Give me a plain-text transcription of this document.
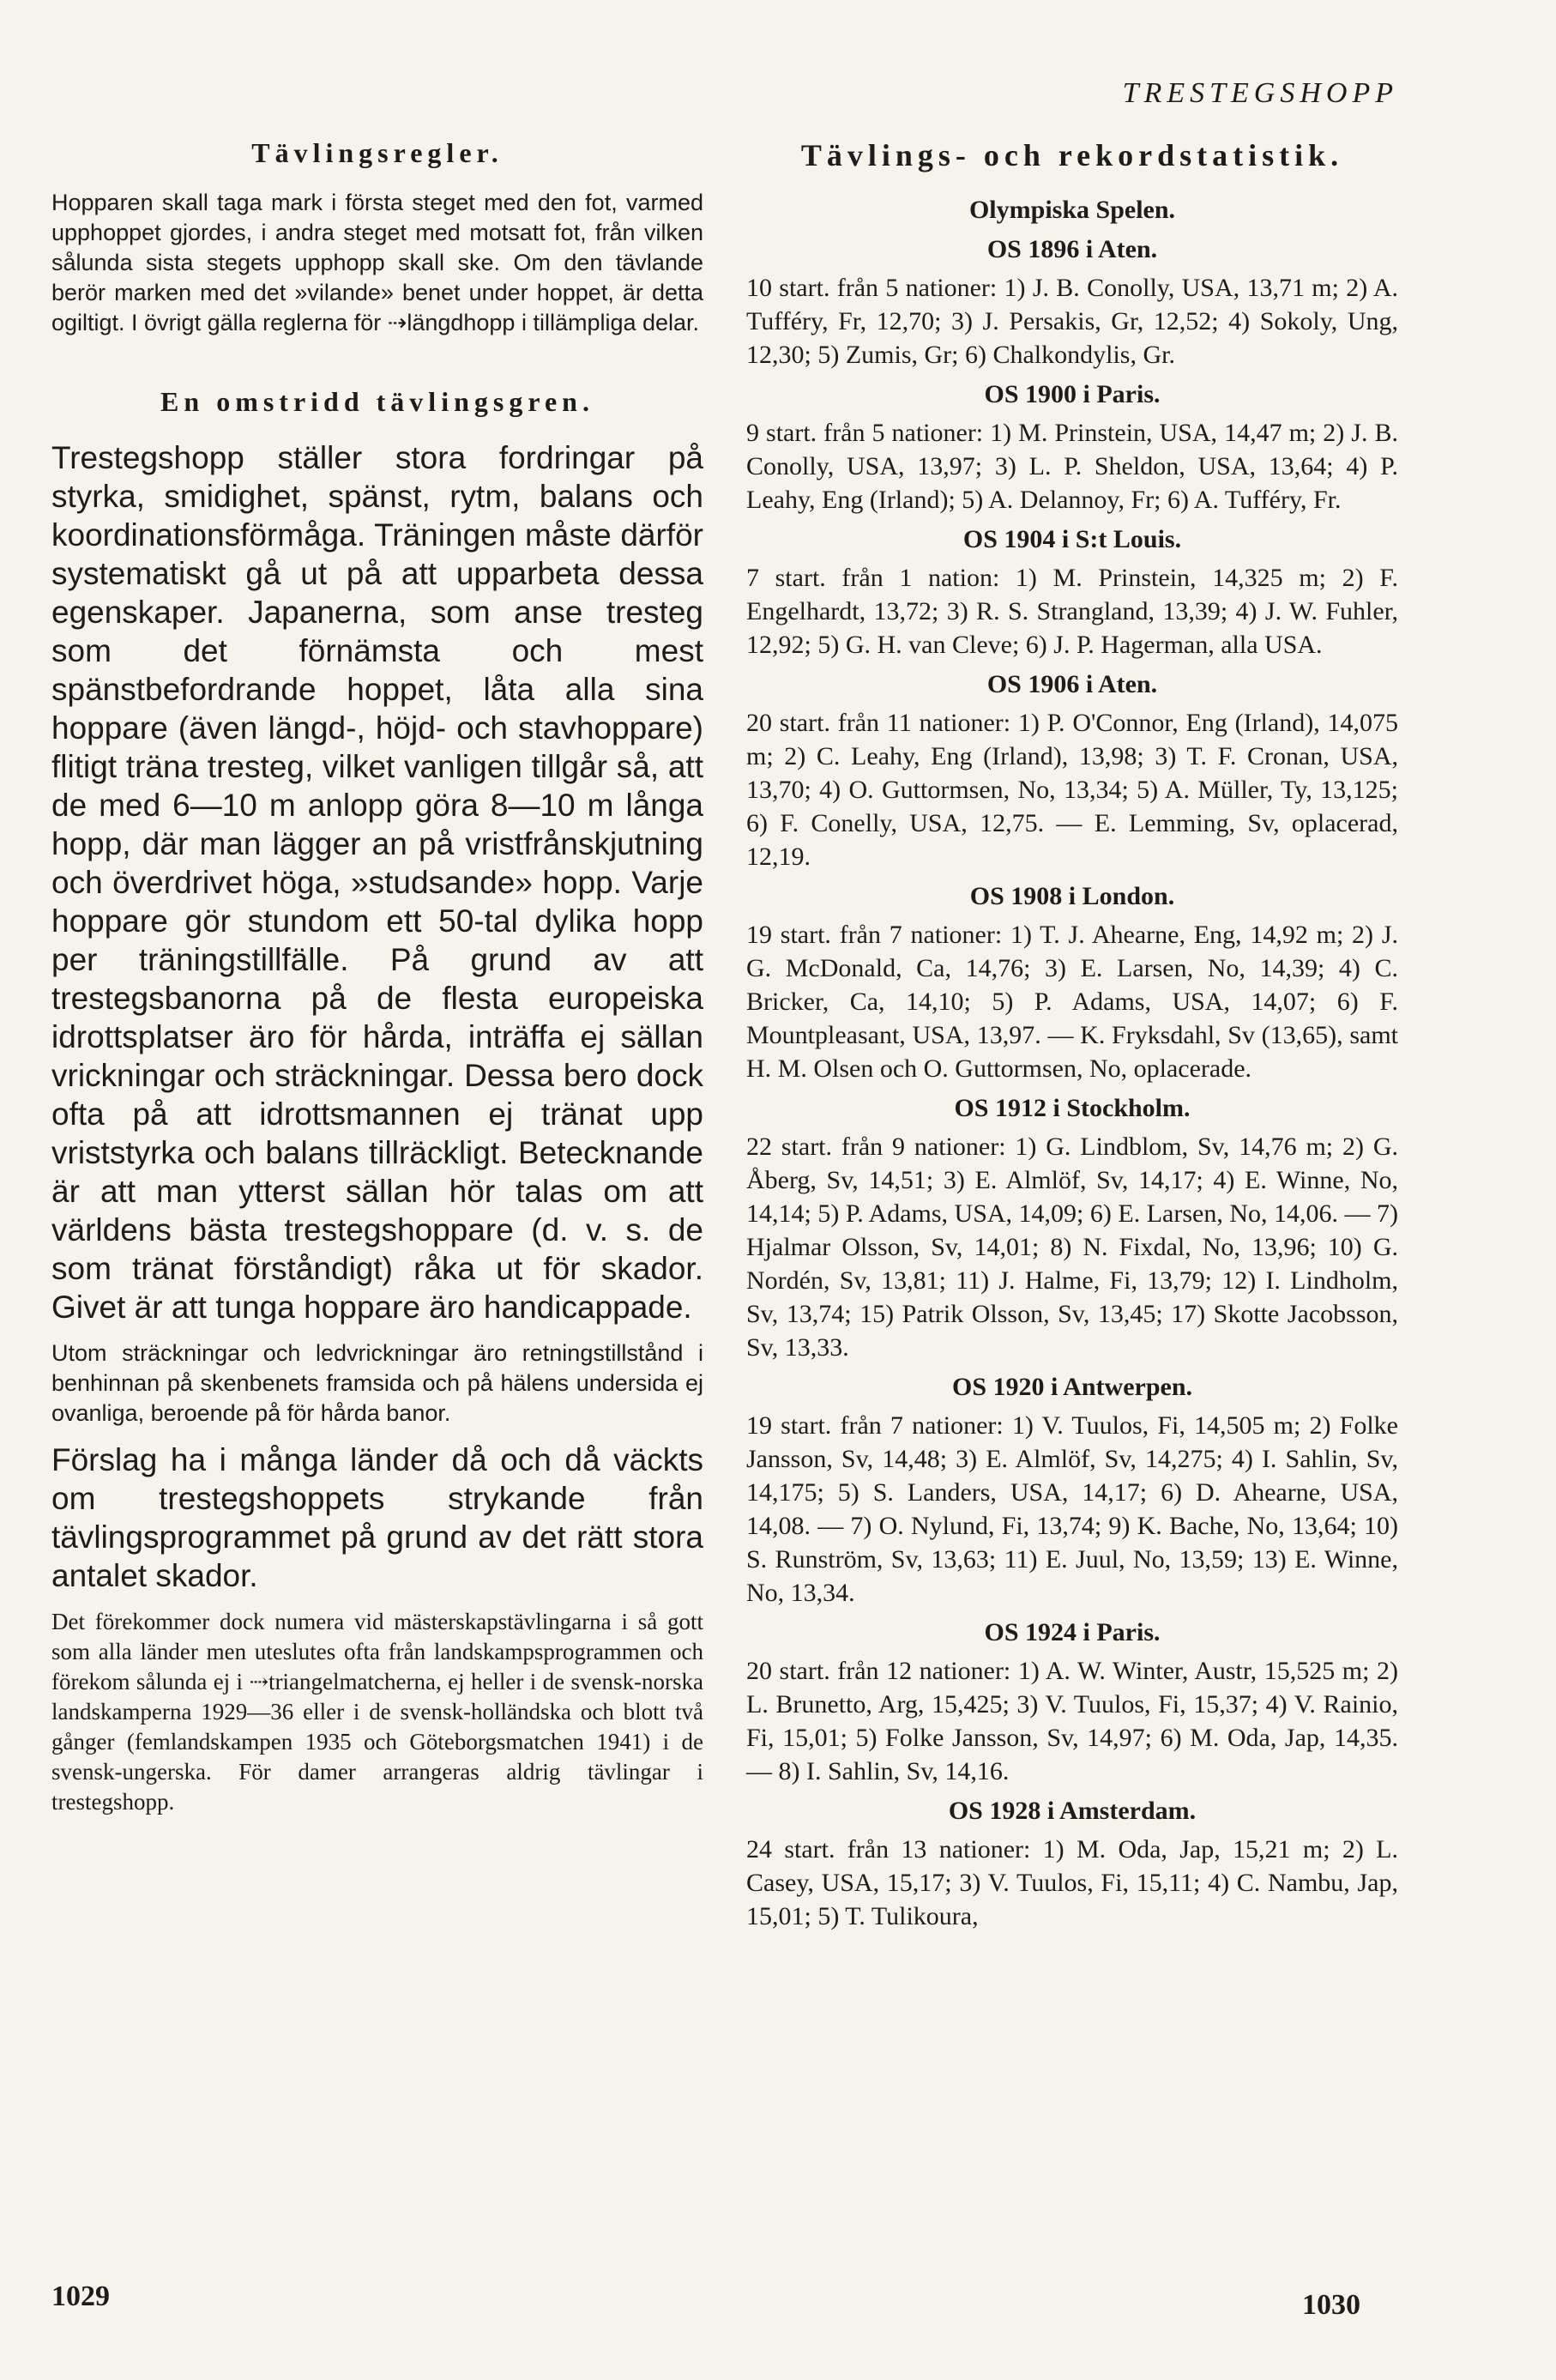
TRESTEGSHOPP
Tävlingsregler.

Hopparen skall taga mark i första steget med den fot, varmed upphoppet gjordes, i andra steget med motsatt fot, från vilken sålunda sista stegets upphopp skall ske. Om den tävlande berör marken med det »vilande» benet under hoppet, är detta ogiltigt. I övrigt gälla reglerna för ⇢längdhopp i tillämpliga delar.

En omstridd tävlingsgren.

Trestegshopp ställer stora fordringar på styrka, smidighet, spänst, rytm, balans och koordinationsförmåga. Träningen måste därför systematiskt gå ut på att upparbeta dessa egenskaper. Japanerna, som anse tresteg som det förnämsta och mest spänstbefordrande hoppet, låta alla sina hoppare (även längd-, höjd- och stavhoppare) flitigt träna tresteg, vilket vanligen tillgår så, att de med 6—10 m anlopp göra 8—10 m långa hopp, där man lägger an på vristfrånskjutning och överdrivet höga, »studsande» hopp. Varje hoppare gör stundom ett 50-tal dylika hopp per träningstillfälle. På grund av att trestegsbanorna på de flesta europeiska idrottsplatser äro för hårda, inträffa ej sällan vrickningar och sträckningar. Dessa bero dock ofta på att idrottsmannen ej tränat upp vriststyrka och balans tillräckligt. Betecknande är att man ytterst sällan hör talas om att världens bästa trestegshoppare (d. v. s. de som tränat förståndigt) råka ut för skador. Givet är att tunga hoppare äro handicappade.

Utom sträckningar och ledvrickningar äro retningstillstånd i benhinnan på skenbenets framsida och på hälens undersida ej ovanliga, beroende på för hårda banor.

Förslag ha i många länder då och då väckts om trestegshoppets strykande från tävlingsprogrammet på grund av det rätt stora antalet skador.

Det förekommer dock numera vid mästerskapstävlingarna i så gott som alla länder men uteslutes ofta från landskampsprogrammen och förekom sålunda ej i ⇢triangelmatcherna, ej heller i de svensk-norska landskamperna 1929—36 eller i de svensk-holländska och blott två gånger (femlandskampen 1935 och Göteborgsmatchen 1941) i de svensk-ungerska. För damer arrangeras aldrig tävlingar i trestegshopp.

Tävlings- och rekordstatistik.
Olympiska Spelen.
OS 1896 i Aten.

10 start. från 5 nationer: 1) J. B. Conolly, USA, 13,71 m; 2) A. Tufféry, Fr, 12,70; 3) J. Persakis, Gr, 12,52; 4) Sokoly, Ung, 12,30; 5) Zumis, Gr; 6) Chalkondylis, Gr.

OS 1900 i Paris.

9 start. från 5 nationer: 1) M. Prinstein, USA, 14,47 m; 2) J. B. Conolly, USA, 13,97; 3) L. P. Sheldon, USA, 13,64; 4) P. Leahy, Eng (Irland); 5) A. Delannoy, Fr; 6) A. Tufféry, Fr.

OS 1904 i S:t Louis.

7 start. från 1 nation: 1) M. Prinstein, 14,325 m; 2) F. Engelhardt, 13,72; 3) R. S. Strangland, 13,39; 4) J. W. Fuhler, 12,92; 5) G. H. van Cleve; 6) J. P. Hagerman, alla USA.

OS 1906 i Aten.

20 start. från 11 nationer: 1) P. O'Connor, Eng (Irland), 14,075 m; 2) C. Leahy, Eng (Irland), 13,98; 3) T. F. Cronan, USA, 13,70; 4) O. Guttormsen, No, 13,34; 5) A. Müller, Ty, 13,125; 6) F. Conelly, USA, 12,75. — E. Lemming, Sv, oplacerad, 12,19.

OS 1908 i London.

19 start. från 7 nationer: 1) T. J. Ahearne, Eng, 14,92 m; 2) J. G. McDonald, Ca, 14,76; 3) E. Larsen, No, 14,39; 4) C. Bricker, Ca, 14,10; 5) P. Adams, USA, 14,07; 6) F. Mountpleasant, USA, 13,97. — K. Fryksdahl, Sv (13,65), samt H. M. Olsen och O. Guttormsen, No, oplacerade.

OS 1912 i Stockholm.

22 start. från 9 nationer: 1) G. Lindblom, Sv, 14,76 m; 2) G. Åberg, Sv, 14,51; 3) E. Almlöf, Sv, 14,17; 4) E. Winne, No, 14,14; 5) P. Adams, USA, 14,09; 6) E. Larsen, No, 14,06. — 7) Hjalmar Olsson, Sv, 14,01; 8) N. Fixdal, No, 13,96; 10) G. Nordén, Sv, 13,81; 11) J. Halme, Fi, 13,79; 12) I. Lindholm, Sv, 13,74; 15) Patrik Olsson, Sv, 13,45; 17) Skotte Jacobsson, Sv, 13,33.

OS 1920 i Antwerpen.

19 start. från 7 nationer: 1) V. Tuulos, Fi, 14,505 m; 2) Folke Jansson, Sv, 14,48; 3) E. Almlöf, Sv, 14,275; 4) I. Sahlin, Sv, 14,175; 5) S. Landers, USA, 14,17; 6) D. Ahearne, USA, 14,08. — 7) O. Nylund, Fi, 13,74; 9) K. Bache, No, 13,64; 10) S. Runström, Sv, 13,63; 11) E. Juul, No, 13,59; 13) E. Winne, No, 13,34.

OS 1924 i Paris.

20 start. från 12 nationer: 1) A. W. Winter, Austr, 15,525 m; 2) L. Brunetto, Arg, 15,425; 3) V. Tuulos, Fi, 15,37; 4) V. Rainio, Fi, 15,01; 5) Folke Jansson, Sv, 14,97; 6) M. Oda, Jap, 14,35. — 8) I. Sahlin, Sv, 14,16.

OS 1928 i Amsterdam.

24 start. från 13 nationer: 1) M. Oda, Jap, 15,21 m; 2) L. Casey, USA, 15,17; 3) V. Tuulos, Fi, 15,11; 4) C. Nambu, Jap, 15,01; 5) T. Tulikoura,

1029	1030
